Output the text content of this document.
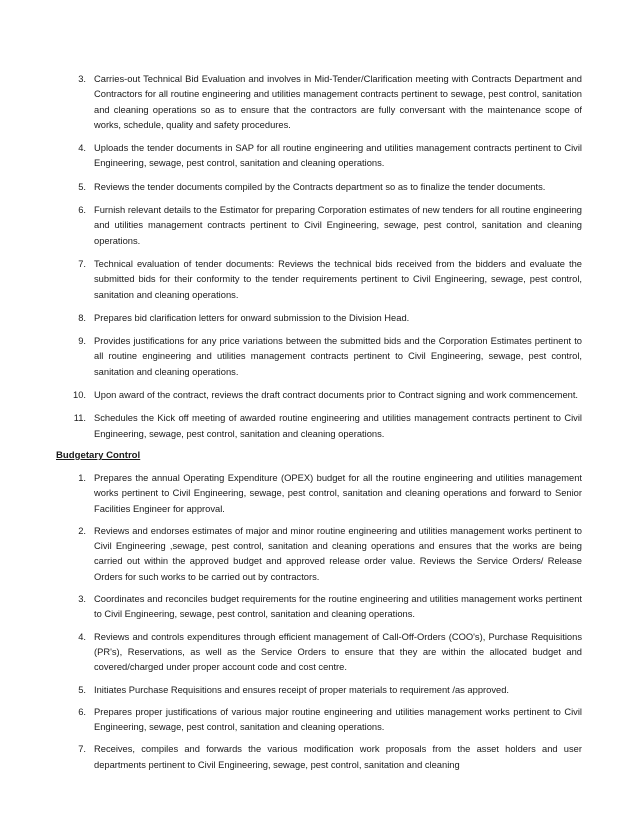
3. Carries-out Technical Bid Evaluation and involves in Mid-Tender/Clarification meeting with Contracts Department and Contractors for all routine engineering and utilities management contracts pertinent to sewage, pest control, sanitation and cleaning operations so as to ensure that the contractors are fully conversant with the maintenance scope of works, schedule, quality and safety procedures.
4. Uploads the tender documents in SAP for all routine engineering and utilities management contracts pertinent to Civil Engineering, sewage, pest control, sanitation and cleaning operations.
5. Reviews the tender documents compiled by the Contracts department so as to finalize the tender documents.
6. Furnish relevant details to the Estimator for preparing Corporation estimates of new tenders for all routine engineering and utilities management contracts pertinent to Civil Engineering, sewage, pest control, sanitation and cleaning operations.
7. Technical evaluation of tender documents: Reviews the technical bids received from the bidders and evaluate the submitted bids for their conformity to the tender requirements pertinent to Civil Engineering, sewage, pest control, sanitation and cleaning operations.
8. Prepares bid clarification letters for onward submission to the Division Head.
9. Provides justifications for any price variations between the submitted bids and the Corporation Estimates pertinent to all routine engineering and utilities management contracts pertinent to Civil Engineering, sewage, pest control, sanitation and cleaning operations.
10. Upon award of the contract, reviews the draft contract documents prior to Contract signing and work commencement.
11. Schedules the Kick off meeting of awarded routine engineering and utilities management contracts pertinent to Civil Engineering, sewage, pest control, sanitation and cleaning operations.
Budgetary Control
1. Prepares the annual Operating Expenditure (OPEX) budget for all the routine engineering and utilities management works pertinent to Civil Engineering, sewage, pest control, sanitation and cleaning operations and forward to Senior Facilities Engineer for approval.
2. Reviews and endorses estimates of major and minor routine engineering and utilities management works pertinent to Civil Engineering ,sewage, pest control, sanitation and cleaning operations and ensures that the works are being carried out within the approved budget and approved release order value. Reviews the Service Orders/ Release Orders for such works to be carried out by contractors.
3. Coordinates and reconciles budget requirements for the routine engineering and utilities management works pertinent to Civil Engineering, sewage, pest control, sanitation and cleaning operations.
4. Reviews and controls expenditures through efficient management of Call-Off-Orders (COO's), Purchase Requisitions (PR's), Reservations, as well as the Service Orders to ensure that they are within the allocated budget and covered/charged under proper account code and cost centre.
5. Initiates Purchase Requisitions and ensures receipt of proper materials to requirement /as approved.
6. Prepares proper justifications of various major routine engineering and utilities management works pertinent to Civil Engineering, sewage, pest control, sanitation and cleaning operations.
7. Receives, compiles and forwards the various modification work proposals from the asset holders and user departments pertinent to Civil Engineering, sewage, pest control, sanitation and cleaning
